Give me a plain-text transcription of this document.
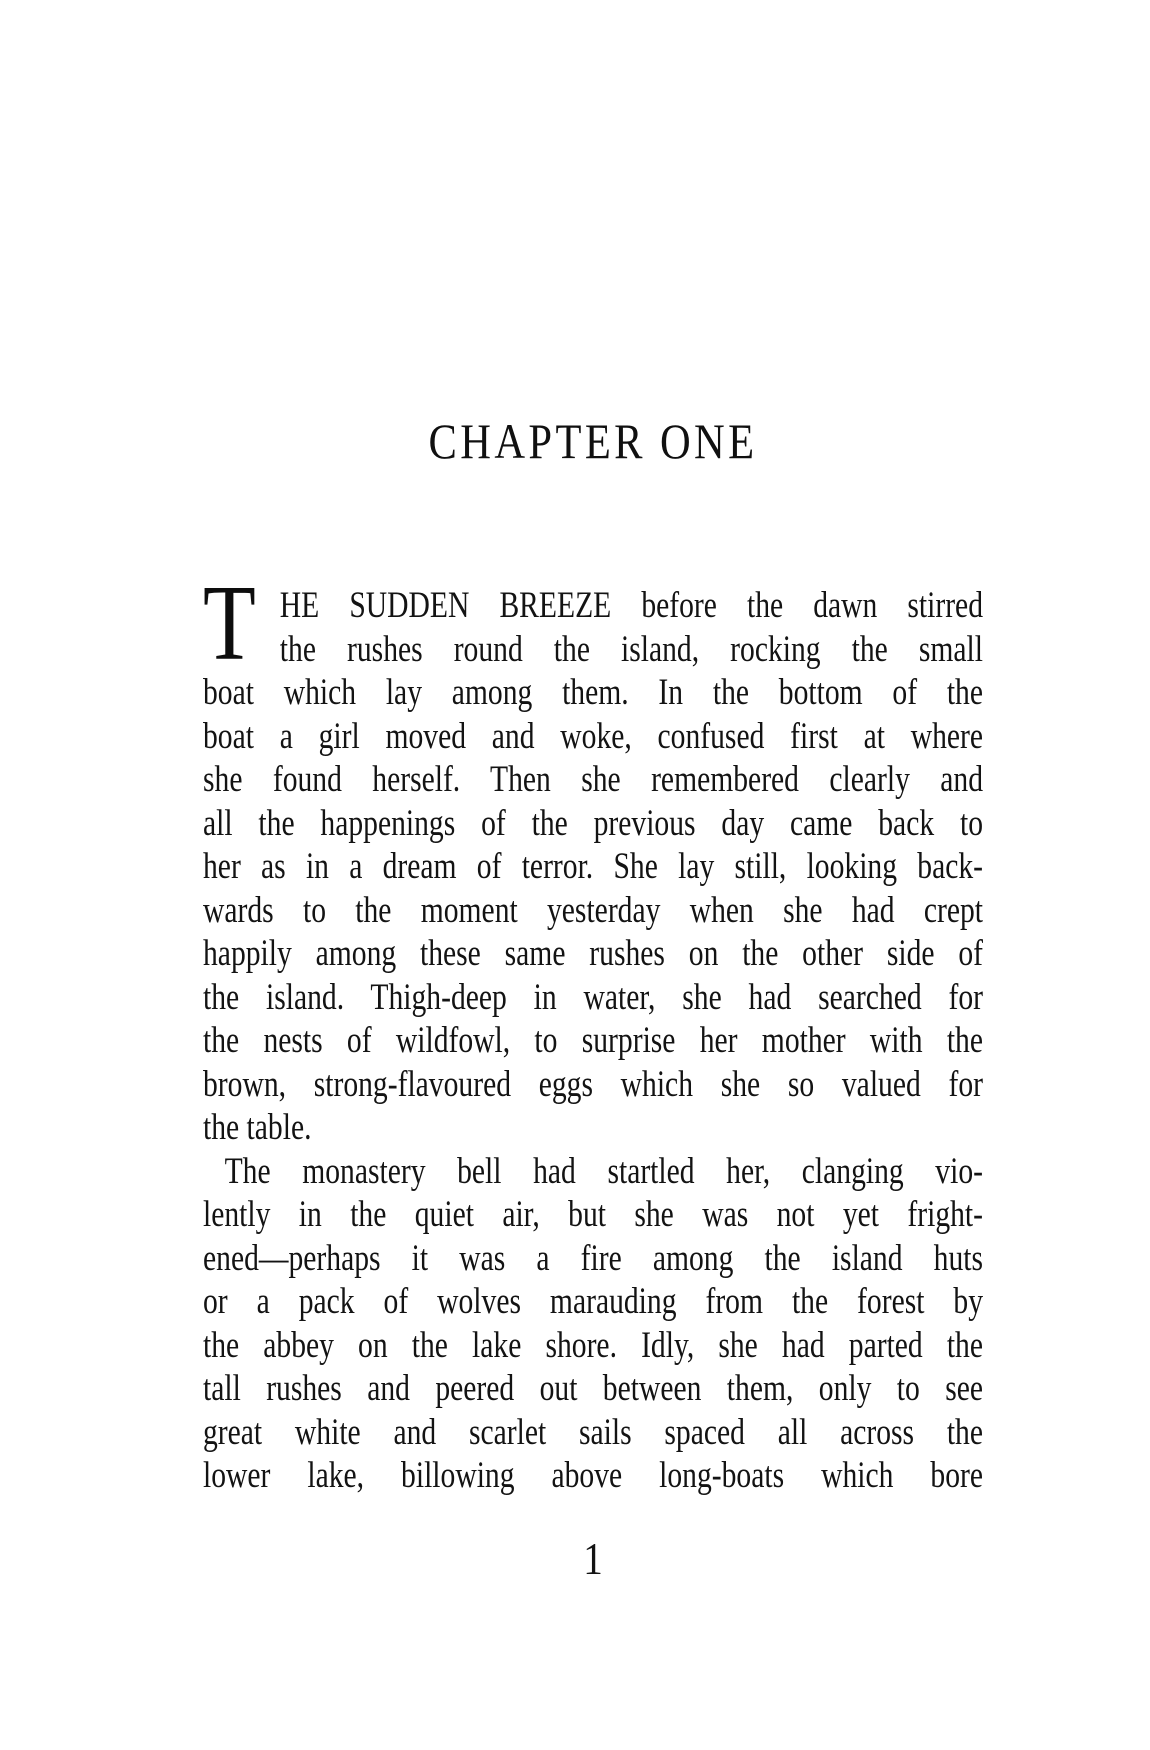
CHAPTER ONE
T HE SUDDEN BREEZE before the dawn stirred
the rushes round the island, rocking the small
boat which lay among them. In the bottom of the
boat a girl moved and woke, confused first at where
she found herself. Then she remembered clearly and
all the happenings of the previous day came back to
her as in a dream of terror. She lay still, looking back-
wards to the moment yesterday when she had crept
happily among these same rushes on the other side of
the island. Thigh-deep in water, she had searched for
the nests of wildfowl, to surprise her mother with the
brown, strong-flavoured eggs which she so valued for
the table.
The monastery bell had startled her, clanging vio-
lently in the quiet air, but she was not yet fright-
ened—perhaps it was a fire among the island huts
or a pack of wolves marauding from the forest by
the abbey on the lake shore. Idly, she had parted the
tall rushes and peered out between them, only to see
great white and scarlet sails spaced all across the
lower lake, billowing above long-boats which bore
1
